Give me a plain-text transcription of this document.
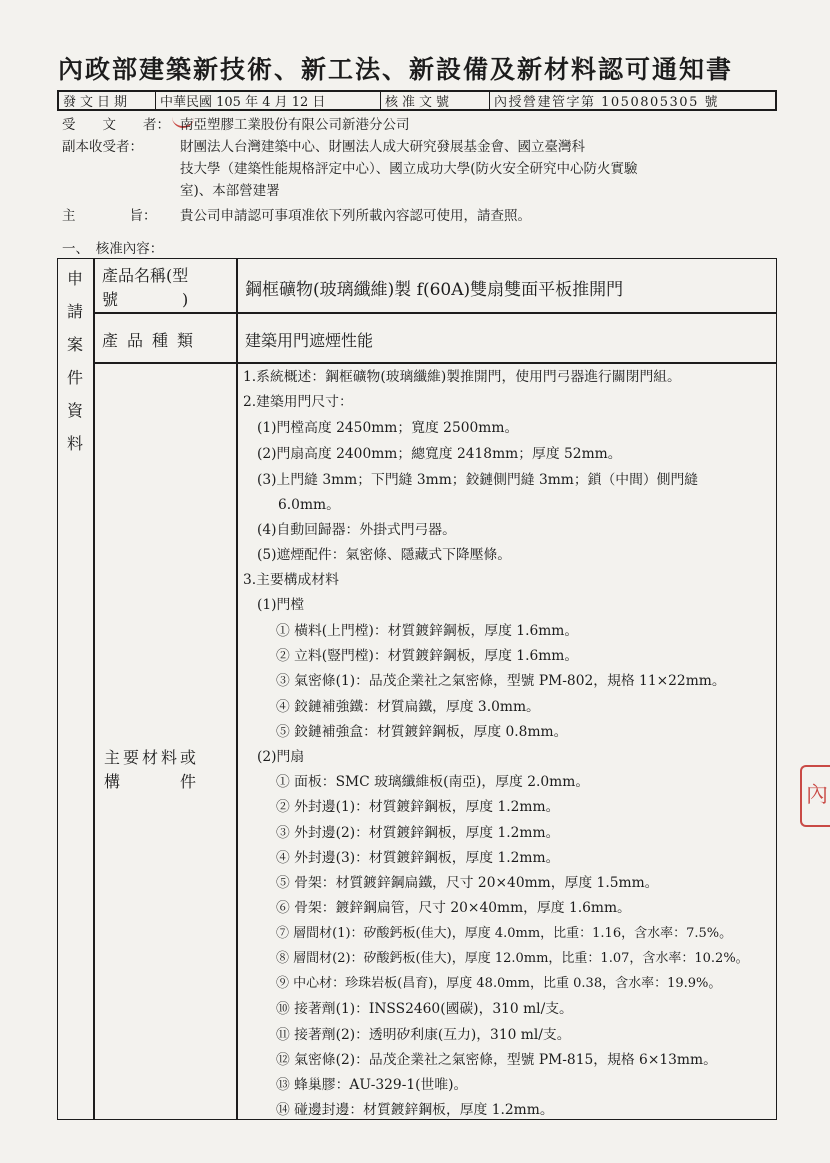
內政部建築新技術、新工法、新設備及新材料認可通知書
發文日期	中華民國 105 年 4 月 12 日	核准文號	內授營建管字第 1050805305 號
受　　文　　者： 南亞塑膠工業股份有限公司新港分公司
副本收受者：	財團法人台灣建築中心、財團法人成大研究發展基金會、國立臺灣科
技大學（建築性能規格評定中心）、國立成功大學(防火安全研究中心防火實驗
室)、本部營建署
主　　　　旨：	貴公司申請認可事項准依下列所載內容認可使用，請查照。
一、　核准內容：
申
請
案
件
資
料
產品名稱(型
號　　　　)	鋼框礦物(玻璃纖維)製 f(60A)雙扇雙面平板推開門
產品種類	建築用門遮煙性能
主要材料或
構　　　件
1.系統概述：鋼框礦物(玻璃纖維)製推開門，使用門弓器進行關閉門組。
2.建築用門尺寸：
(1)門樘高度 2450mm；寬度 2500mm。
(2)門扇高度 2400mm；總寬度 2418mm；厚度 52mm。
(3)上門縫 3mm；下門縫 3mm；鉸鏈側門縫 3mm；鎖（中間）側門縫
6.0mm。
(4)自動回歸器：外掛式門弓器。
(5)遮煙配件：氣密條、隱藏式下降壓條。
3.主要構成材料
(1)門樘
① 橫料(上門樘)：材質鍍鋅鋼板，厚度 1.6mm。
② 立料(豎門樘)：材質鍍鋅鋼板，厚度 1.6mm。
③ 氣密條(1)：品茂企業社之氣密條，型號 PM-802，規格 11×22mm。
④ 鉸鏈補強鐵：材質扁鐵，厚度 3.0mm。
⑤ 鉸鏈補強盒：材質鍍鋅鋼板，厚度 0.8mm。
(2)門扇
① 面板：SMC 玻璃纖維板(南亞)，厚度 2.0mm。
② 外封邊(1)：材質鍍鋅鋼板，厚度 1.2mm。
③ 外封邊(2)：材質鍍鋅鋼板，厚度 1.2mm。
④ 外封邊(3)：材質鍍鋅鋼板，厚度 1.2mm。
⑤ 骨架：材質鍍鋅鋼扁鐵，尺寸 20×40mm，厚度 1.5mm。
⑥ 骨架：鍍鋅鋼扁管，尺寸 20×40mm，厚度 1.6mm。
⑦ 層間材(1)：矽酸鈣板(佳大)，厚度 4.0mm，比重：1.16，含水率：7.5%。
⑧ 層間材(2)：矽酸鈣板(佳大)，厚度 12.0mm，比重：1.07，含水率：10.2%。
⑨ 中心材：珍珠岩板(昌育)，厚度 48.0mm，比重 0.38，含水率：19.9%。
⑩ 接著劑(1)：INSS2460(國碳)，310 ml/支。
⑪ 接著劑(2)：透明矽利康(互力)，310 ml/支。
⑫ 氣密條(2)：品茂企業社之氣密條，型號 PM-815，規格 6×13mm。
⑬ 蜂巢膠：AU-329-1(世唯)。
⑭ 碰邊封邊：材質鍍鋅鋼板，厚度 1.2mm。
內
